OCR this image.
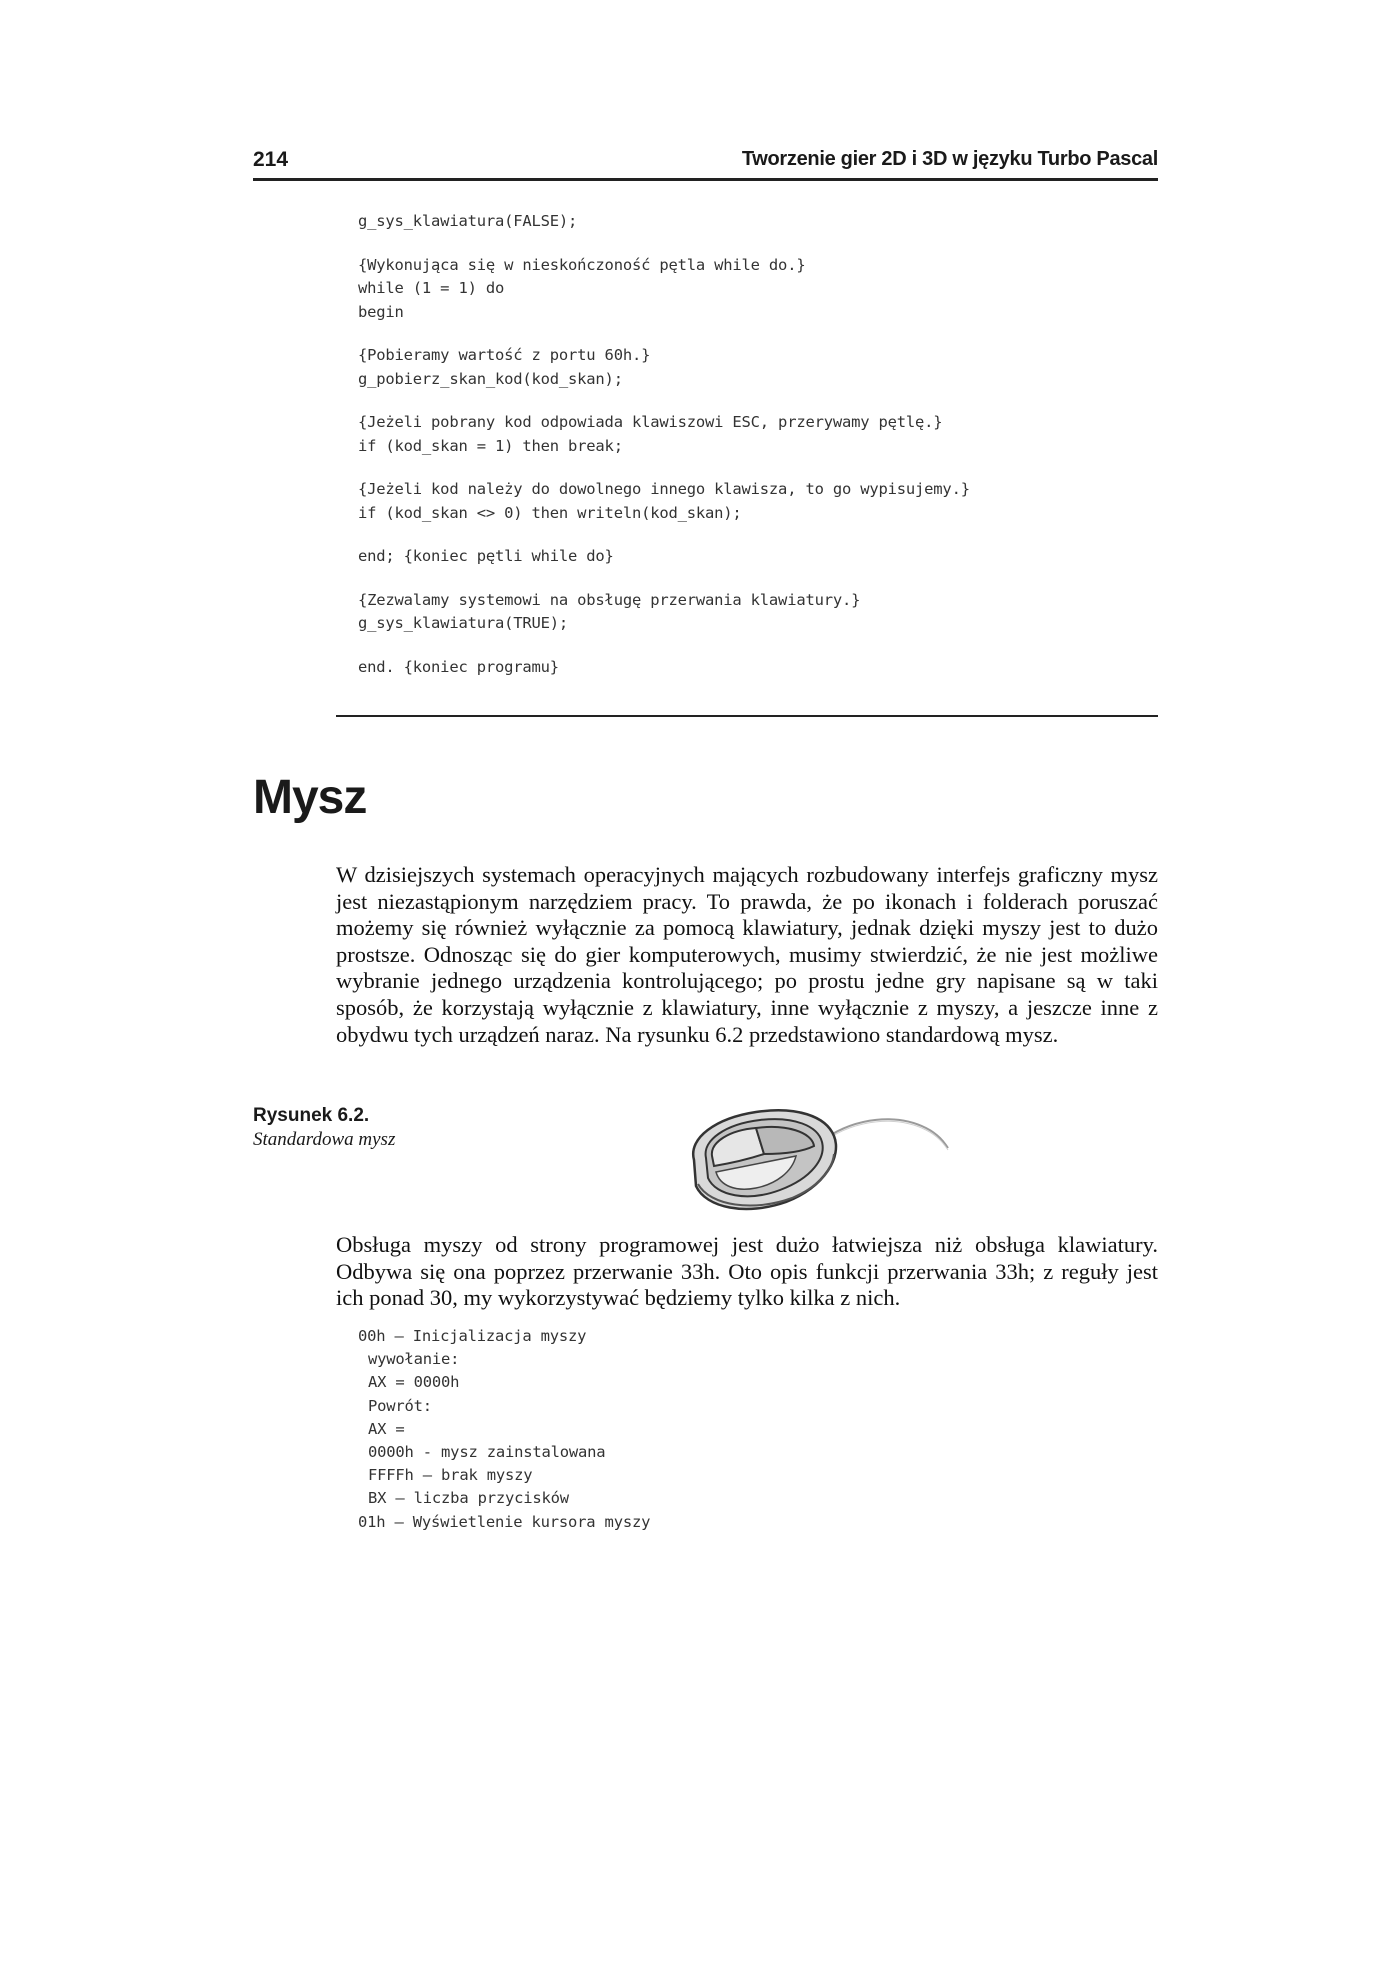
214	Tworzenie gier 2D i 3D w języku Turbo Pascal
g_sys_klawiatura(FALSE);
{Wykonująca się w nieskończoność pętla while do.}
while (1 = 1) do
begin
{Pobieramy wartość z portu 60h.}
g_pobierz_skan_kod(kod_skan);
{Jeżeli pobrany kod odpowiada klawiszowi ESC, przerywamy pętlę.}
if (kod_skan = 1) then break;
{Jeżeli kod należy do dowolnego innego klawisza, to go wypisujemy.}
if (kod_skan <> 0) then writeln(kod_skan);
end; {koniec pętli while do}
{Zezwalamy systemowi na obsługę przerwania klawiatury.}
g_sys_klawiatura(TRUE);
end. {koniec programu}
Mysz

W dzisiejszych systemach operacyjnych mających rozbudowany interfejs graficzny mysz jest niezastąpionym narzędziem pracy. To prawda, że po ikonach i folderach poruszać możemy się również wyłącznie za pomocą klawiatury, jednak dzięki myszy jest to dużo prostsze. Odnosząc się do gier komputerowych, musimy stwierdzić, że nie jest możliwe wybranie jednego urządzenia kontrolującego; po prostu jedne gry napisane są w taki sposób, że korzystają wyłącznie z klawiatury, inne wyłącznie z myszy, a jeszcze inne z obydwu tych urządzeń naraz. Na rysunku 6.2 przedstawiono standardową mysz.

Rysunek 6.2.
Standardowa mysz

Obsługa myszy od strony programowej jest dużo łatwiejsza niż obsługa klawiatury. Odbywa się ona poprzez przerwanie 33h. Oto opis funkcji przerwania 33h; z reguły jest ich ponad 30, my wykorzystywać będziemy tylko kilka z nich.

00h – Inicjalizacja myszy
wywołanie:
AX = 0000h
Powrót:
AX =
0000h - mysz zainstalowana
FFFFh – brak myszy
BX – liczba przycisków
01h – Wyświetlenie kursora myszy
